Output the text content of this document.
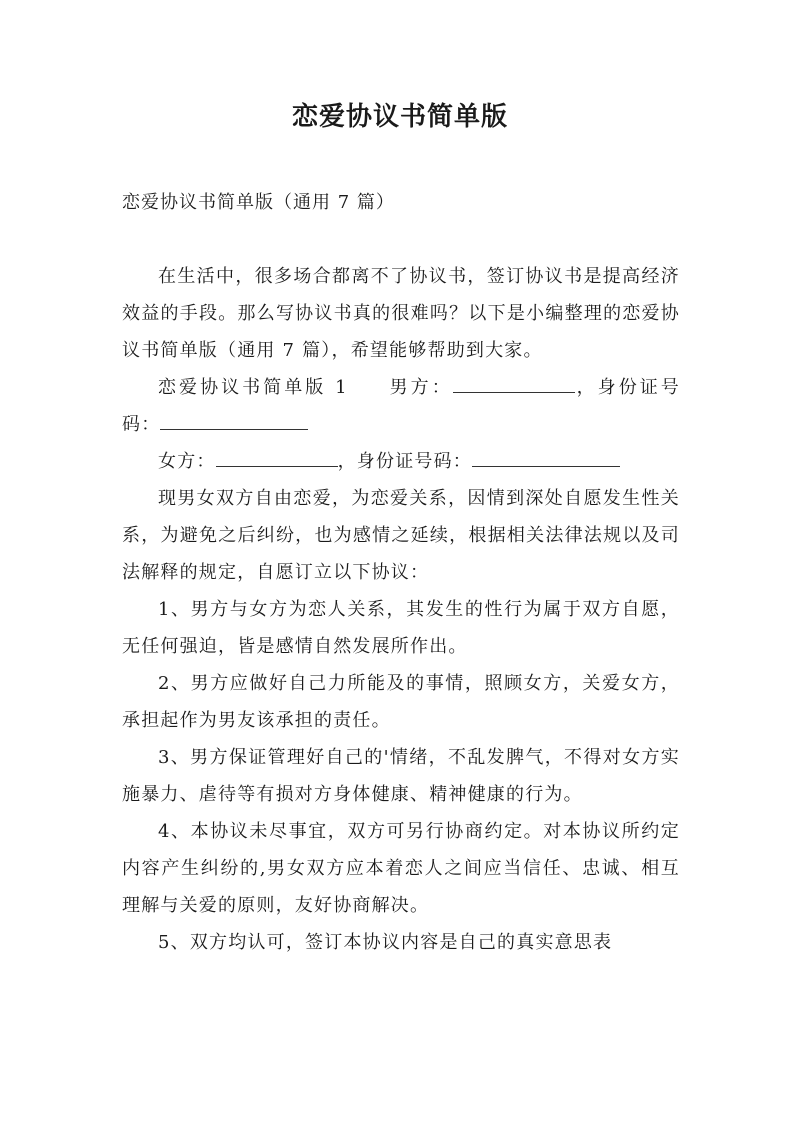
恋爱协议书简单版

恋爱协议书简单版（通用 7 篇）

在生活中，很多场合都离不了协议书，签订协议书是提高经济效益的手段。那么写协议书真的很难吗？以下是小编整理的恋爱协议书简单版（通用 7 篇），希望能够帮助到大家。

恋爱协议书简单版 1 男方：	，身份证号码：

女方：	，身份证号码：

现男女双方自由恋爱，为恋爱关系，因情到深处自愿发生性关系，为避免之后纠纷，也为感情之延续，根据相关法律法规以及司法解释的规定，自愿订立以下协议：

1、男方与女方为恋人关系，其发生的性行为属于双方自愿，无任何强迫，皆是感情自然发展所作出。

2、男方应做好自己力所能及的事情，照顾女方，关爱女方，承担起作为男友该承担的责任。

3、男方保证管理好自己的'情绪，不乱发脾气，不得对女方实施暴力、虐待等有损对方身体健康、精神健康的行为。

4、本协议未尽事宜，双方可另行协商约定。对本协议所约定内容产生纠纷的,男女双方应本着恋人之间应当信任、忠诚、相互理解与关爱的原则，友好协商解决。

5、双方均认可，签订本协议内容是自己的真实意思表
